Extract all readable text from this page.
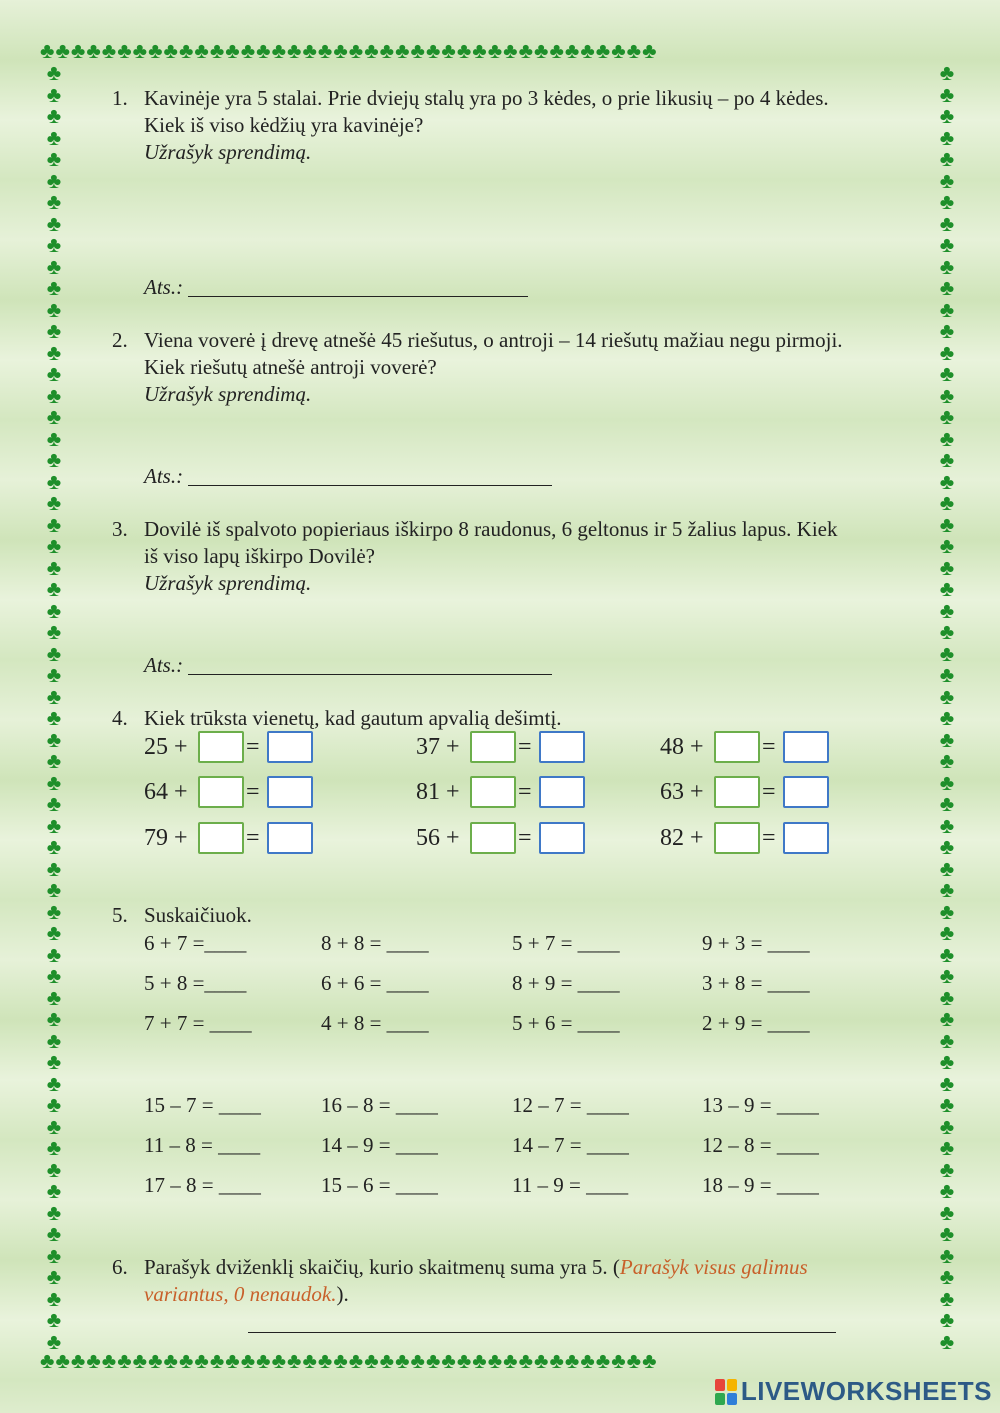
♣♣♣♣♣♣♣♣♣♣♣♣♣♣♣♣♣♣♣♣♣♣♣♣♣♣♣♣♣♣♣♣♣♣♣♣♣♣♣♣
♣♣♣♣♣♣♣♣♣♣♣♣♣♣♣♣♣♣♣♣♣♣♣♣♣♣♣♣♣♣♣♣♣♣♣♣♣♣♣♣
♣
♣
♣
♣
♣
♣
♣
♣
♣
♣
♣
♣
♣
♣
♣
♣
♣
♣
♣
♣
♣
♣
♣
♣
♣
♣
♣
♣
♣
♣
♣
♣
♣
♣
♣
♣
♣
♣
♣
♣
♣
♣
♣
♣
♣
♣
♣
♣
♣
♣
♣
♣
♣
♣
♣
♣
♣
♣
♣
♣

♣
♣
♣
♣
♣
♣
♣
♣
♣
♣
♣
♣
♣
♣
♣
♣
♣
♣
♣
♣
♣
♣
♣
♣
♣
♣
♣
♣
♣
♣
♣
♣
♣
♣
♣
♣
♣
♣
♣
♣
♣
♣
♣
♣
♣
♣
♣
♣
♣
♣
♣
♣
♣
♣
♣
♣
♣
♣
♣
♣

1. Kavinėje yra 5 stalai. Prie dviejų stalų yra po 3 kėdes, o prie likusių – po 4 kėdes.
Kiek iš viso kėdžių yra kavinėje?
Užrašyk sprendimą.
Ats.:
2. Viena voverė į drevę atnešė 45 riešutus, o antroji – 14 riešutų mažiau negu pirmoji.
Kiek riešutų atnešė antroji voverė?
Užrašyk sprendimą.
Ats.:
3. Dovilė iš spalvoto popieriaus iškirpo 8 raudonus, 6 geltonus ir 5 žalius lapus. Kiek
iš viso lapų iškirpo Dovilė?
Užrašyk sprendimą.
Ats.:
4. Kiek trūksta vienetų, kad gautum apvalią dešimtį.
25 + =	37 + =	48 + =
64 + =	81 + =	63 + =
79 + =	56 + =	82 + =
5. Suskaičiuok.
6 + 7 =____	8 + 8 = ____	5 + 7 = ____	9 + 3 = ____
5 + 8 =____	6 + 6 = ____	8 + 9 = ____	3 + 8 = ____
7 + 7 = ____	4 + 8 = ____	5 + 6 = ____	2 + 9 = ____
15 – 7 = ____	16 – 8 = ____	12 – 7 = ____	13 – 9 = ____
11 – 8 = ____	14 – 9 = ____	14 – 7 = ____	12 – 8 = ____
17 – 8 = ____	15 – 6 = ____	11 – 9 = ____	18 – 9 = ____
6. Parašyk dviženklį skaičių, kurio skaitmenų suma yra 5. (Parašyk visus galimus
variantus, 0 nenaudok.).
LIVEWORKSHEETS
